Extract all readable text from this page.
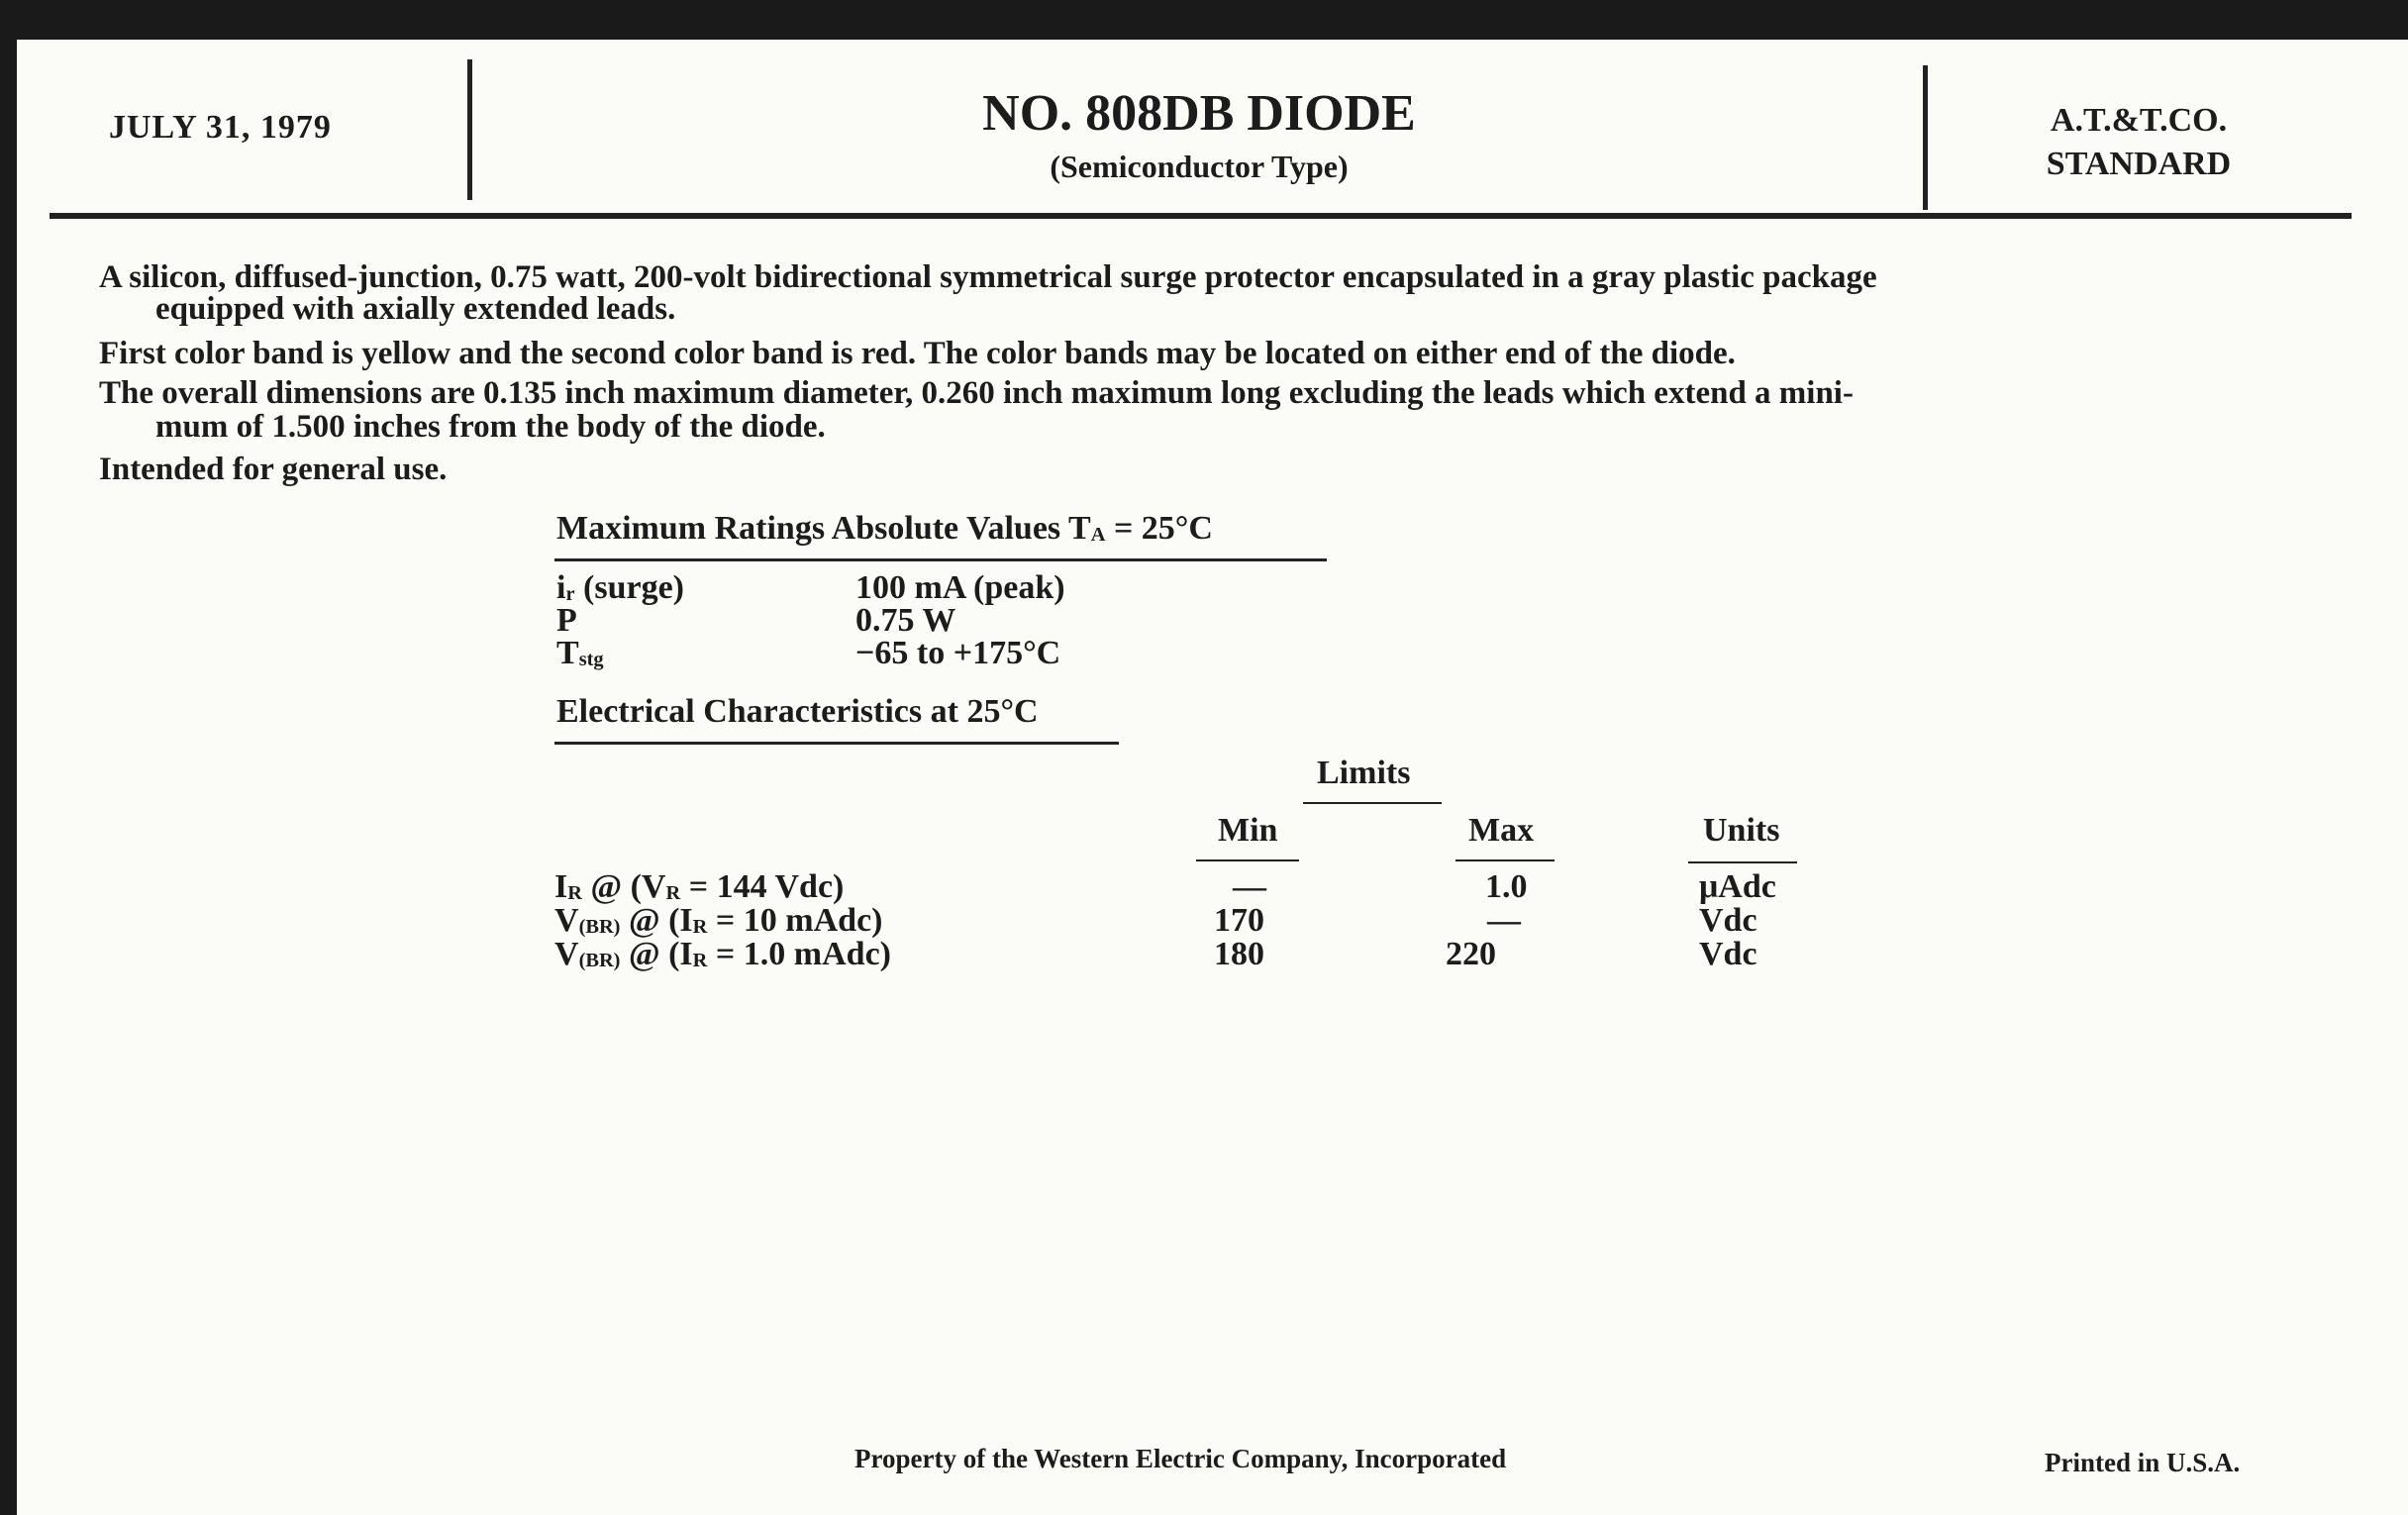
JULY 31, 1979	NO. 808DB DIODE
(Semiconductor Type)
A.T.&T.CO.
STANDARD
A silicon, diffused-junction, 0.75 watt, 200-volt bidirectional symmetrical surge protector encapsulated in a gray plastic package
equipped with axially extended leads.
First color band is yellow and the second color band is red. The color bands may be located on either end of the diode.
The overall dimensions are 0.135 inch maximum diameter, 0.260 inch maximum long excluding the leads which extend a mini-
mum of 1.500 inches from the body of the diode.
Intended for general use.
Maximum Ratings Absolute Values $T_A = 25^\circ C$
$i_r$ (surge)	100 mA (peak)
P	0.75 W
$T_{stg}$	−65 to +175°C
Electrical Characteristics at 25°C
Limits
Min	Max	Units
$I_R$ @ ($V_R = 144$ Vdc)	—	1.0	μAdc
$V_{(BR)}$ @ ($I_R = 10$ mAdc)	170	—	Vdc
$V_{(BR)}$ @ ($I_R = 1.0$ mAdc)	180	220	Vdc
Property of the Western Electric Company, Incorporated	Printed in U.S.A.
